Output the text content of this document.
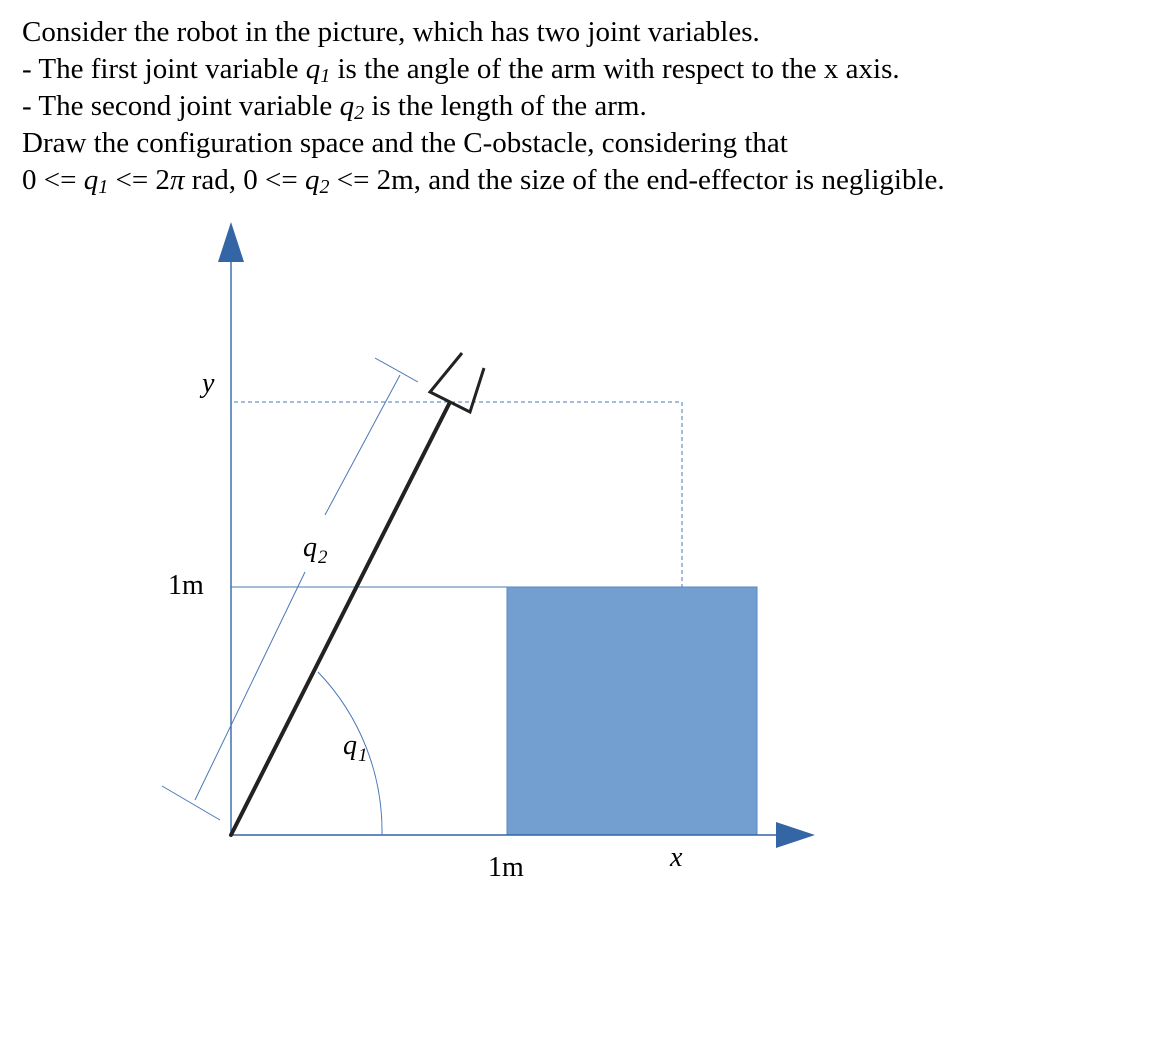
Consider the robot in the picture, which has two joint variables.
- The first joint variable $q_1$ is the angle of the arm with respect to the x axis.
- The second joint variable $q_2$ is the length of the arm.
Draw the configuration space and the C-obstacle, considering that
$0 <= q_1 <= 2\pi$ rad, $0 <= q_2 <= 2m$, and the size of the end-effector is negligible.
y
x
1m
1m
$q_2$
$q_1$
